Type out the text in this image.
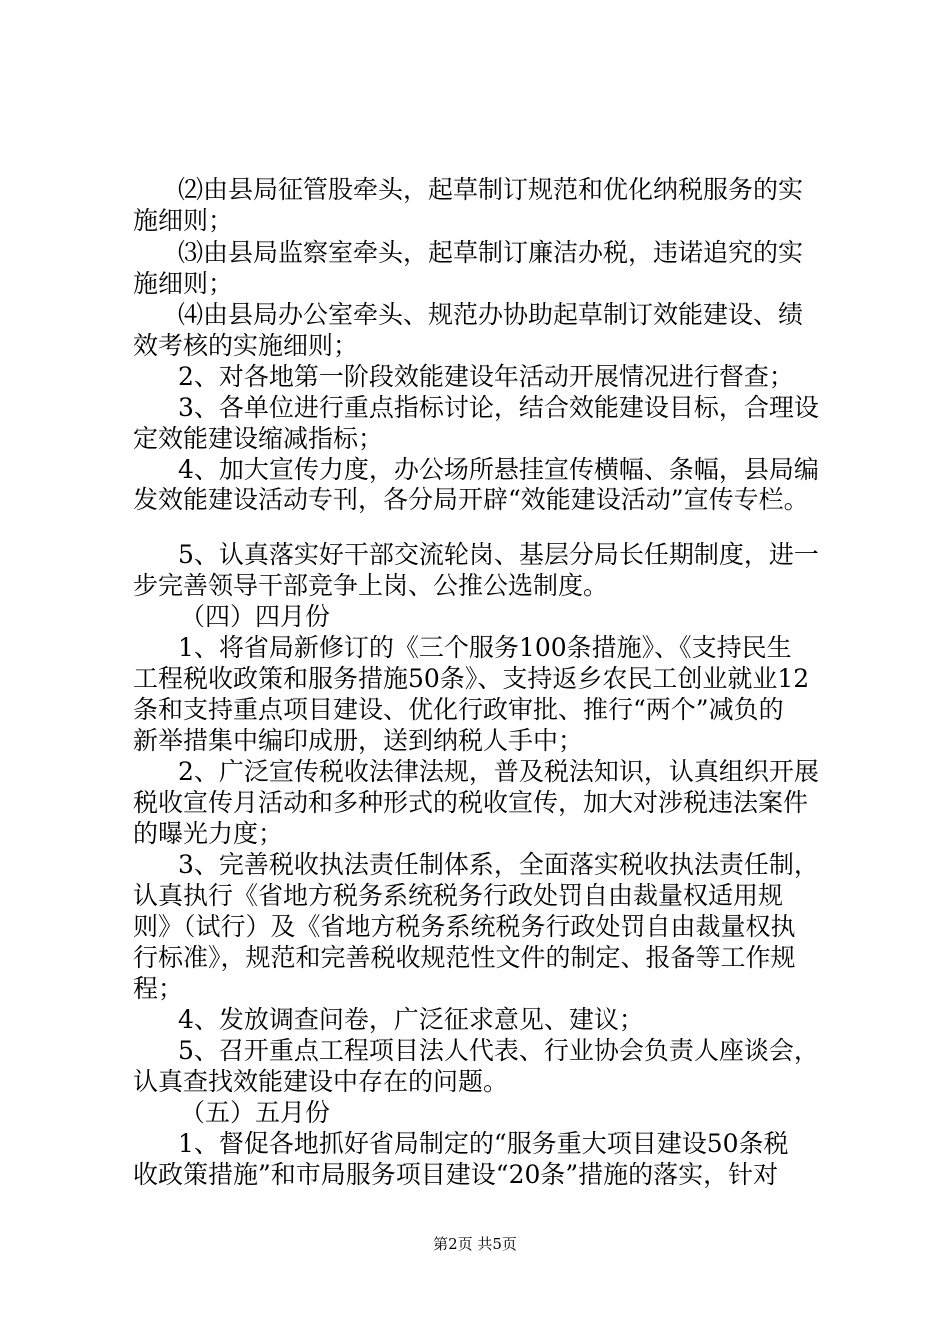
⑵由县局征管股牵头，起草制订规范和优化纳税服务的实
施细则；
⑶由县局监察室牵头，起草制订廉洁办税，违诺追究的实
施细则；
⑷由县局办公室牵头、规范办协助起草制订效能建设、绩
效考核的实施细则；
2、对各地第一阶段效能建设年活动开展情况进行督查；
3、各单位进行重点指标讨论，结合效能建设目标，合理设
定效能建设缩减指标；
4、加大宣传力度，办公场所悬挂宣传横幅、条幅，县局编
发效能建设活动专刊，各分局开辟“效能建设活动”宣传专栏。
5、认真落实好干部交流轮岗、基层分局长任期制度，进一
步完善领导干部竞争上岗、公推公选制度。
（四）四月份
1、将省局新修订的《三个服务100条措施》、《支持民生
工程税收政策和服务措施50条》、支持返乡农民工创业就业12
条和支持重点项目建设、优化行政审批、推行“两个”减负的
新举措集中编印成册，送到纳税人手中；
2、广泛宣传税收法律法规，普及税法知识，认真组织开展
税收宣传月活动和多种形式的税收宣传，加大对涉税违法案件
的曝光力度；
3、完善税收执法责任制体系，全面落实税收执法责任制，
认真执行《省地方税务系统税务行政处罚自由裁量权适用规
则》（试行）及《省地方税务系统税务行政处罚自由裁量权执
行标准》，规范和完善税收规范性文件的制定、报备等工作规
程；
4、发放调查问卷，广泛征求意见、建议；
5、召开重点工程项目法人代表、行业协会负责人座谈会，
认真查找效能建设中存在的问题。
（五）五月份
1、督促各地抓好省局制定的“服务重大项目建设50条税
收政策措施”和市局服务项目建设“20条”措施的落实，针对
第2页 共5页
